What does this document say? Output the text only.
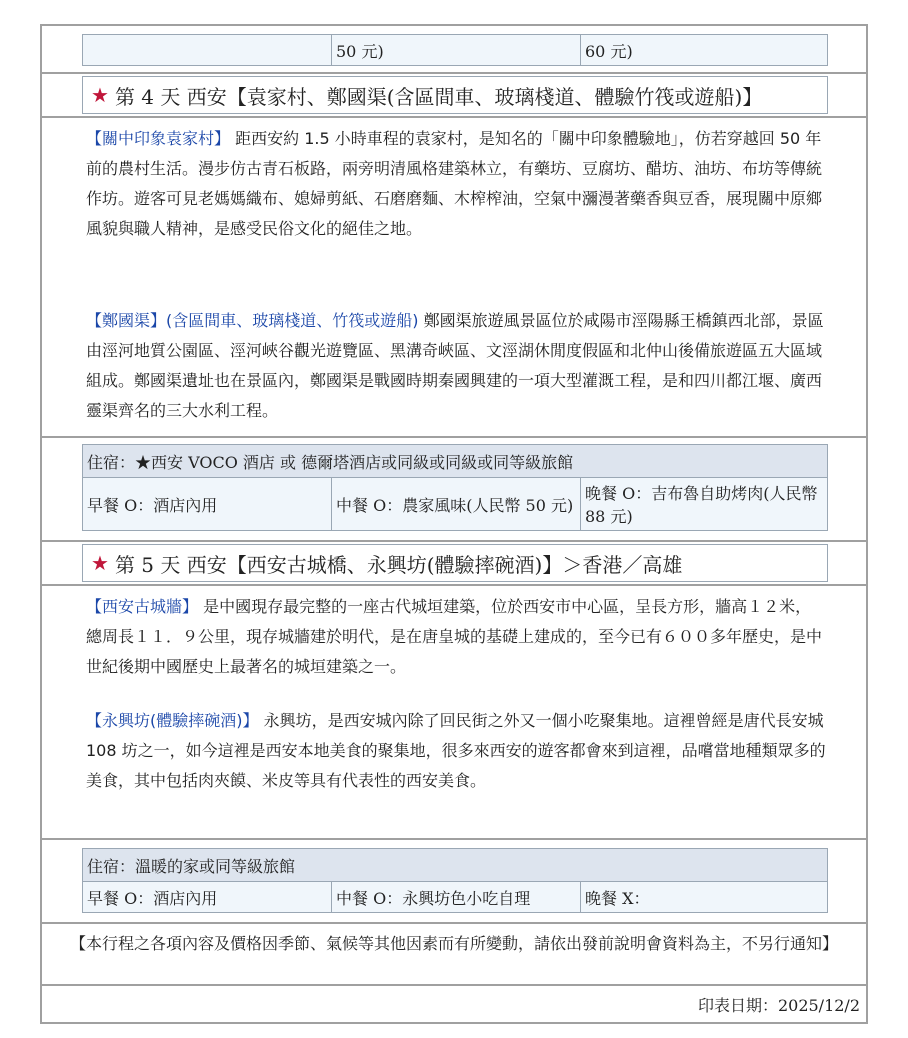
	50 元)	60 元)
★ 第 4 天 西安【袁家村、鄭國渠(含區間車、玻璃棧道、體驗竹筏或遊船)】
【關中印象袁家村】 距西安約 1.5 小時車程的袁家村，是知名的「關中印象體驗地」，仿若穿越回 50 年前的農村生活。漫步仿古青石板路，兩旁明清風格建築林立，有藥坊、豆腐坊、醋坊、油坊、布坊等傳統作坊。遊客可見老媽媽織布、媳婦剪紙、石磨磨麵、木榨榨油，空氣中瀰漫著藥香與豆香，展現關中原鄉風貌與職人精神，是感受民俗文化的絕佳之地。
【鄭國渠】(含區間車、玻璃棧道、竹筏或遊船) 鄭國渠旅遊風景區位於咸陽市涇陽縣王橋鎮西北部，景區由涇河地質公園區、涇河峽谷觀光遊覽區、黑溝奇峽區、文涇湖休閒度假區和北仲山後備旅遊區五大區域組成。鄭國渠遺址也在景區內，鄭國渠是戰國時期秦國興建的一項大型灌溉工程，是和四川都江堰、廣西靈渠齊名的三大水利工程。
住宿：★西安 VOCO 酒店 或 德爾塔酒店或同級或同級或同等級旅館
早餐 O：酒店內用	中餐 O：農家風味(人民幣 50 元)	晚餐 O：吉布魯自助烤肉(人民幣 88 元)
★ 第 5 天 西安【西安古城橋、永興坊(體驗摔碗酒)】＞香港／高雄
【西安古城牆】 是中國現存最完整的一座古代城垣建築，位於西安市中心區，呈長方形，牆高１２米，總周長１１．９公里，現存城牆建於明代，是在唐皇城的基礎上建成的，至今已有６００多年歷史，是中世紀後期中國歷史上最著名的城垣建築之一。
【永興坊(體驗摔碗酒)】 永興坊，是西安城內除了回民街之外又一個小吃聚集地。這裡曾經是唐代長安城 108 坊之一，如今這裡是西安本地美食的聚集地，很多來西安的遊客都會來到這裡，品嚐當地種類眾多的美食，其中包括肉夾饃、米皮等具有代表性的西安美食。
住宿：溫暖的家或同等級旅館
早餐 O：酒店內用	中餐 O：永興坊色小吃自理	晚餐 X：
【本行程之各項內容及價格因季節、氣候等其他因素而有所變動，請依出發前說明會資料為主，不另行通知】
印表日期：2025/12/2
